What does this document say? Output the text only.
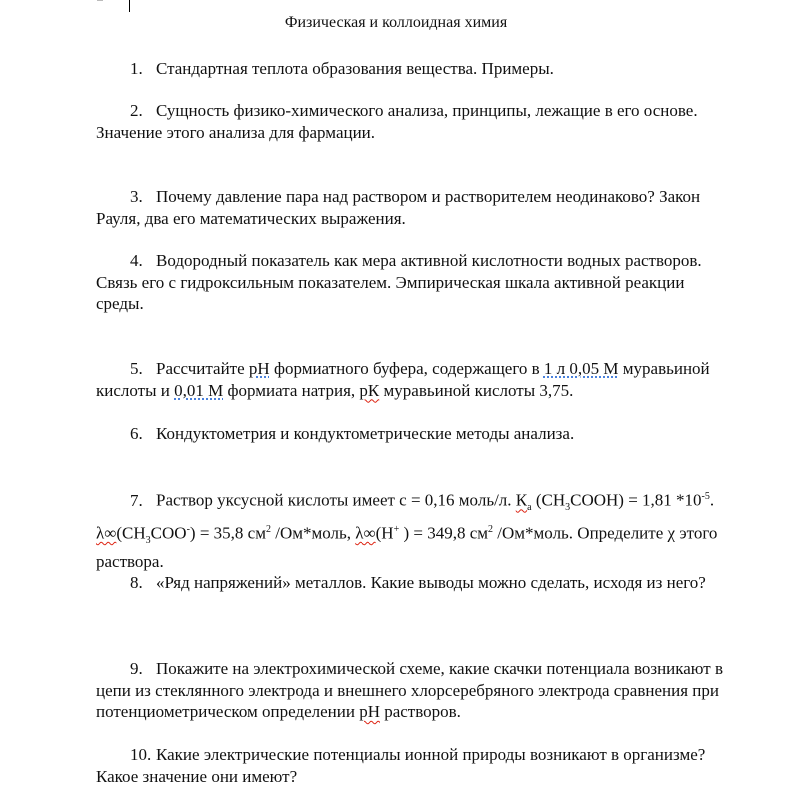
Физическая и коллоидная химия
1. Стандартная теплота образования вещества. Примеры.
2. Сущность физико-химического анализа, принципы, лежащие в его основе. Значение этого анализа для фармации.
3. Почему давление пара над раствором и растворителем неодинаково? Закон Рауля, два его математических выражения.
4. Водородный показатель как мера активной кислотности водных растворов. Связь его с гидроксильным показателем. Эмпирическая шкала активной реакции среды.
5. Рассчитайте рН формиатного буфера, содержащего в 1 л 0,05 М муравьиной кислоты и 0,01 М формиата натрия, рК муравьиной кислоты 3,75.
6. Кондуктометрия и кондуктометрические методы анализа.
7. Раствор уксусной кислоты имеет с = 0,16 моль/л. $К_а$ $(CH_3COOH) = 1,81$ $*10^{-5}$. $\lambda\infty(CH_3COO^-) = 35,8$ $см^2$ /Ом*моль, λ∞(H+ ) = 349,8 $см^2$ /Ом*моль. Определите χ этого раствора.
8. «Ряд напряжений» металлов. Какие выводы можно сделать, исходя из него?
9. Покажите на электрохимической схеме, какие скачки потенциала возникают в цепи из стеклянного электрода и внешнего хлорсеребряного электрода сравнения при потенциометрическом определении рН растворов.
10. Какие электрические потенциалы ионной природы возникают в организме? Какое значение они имеют?
